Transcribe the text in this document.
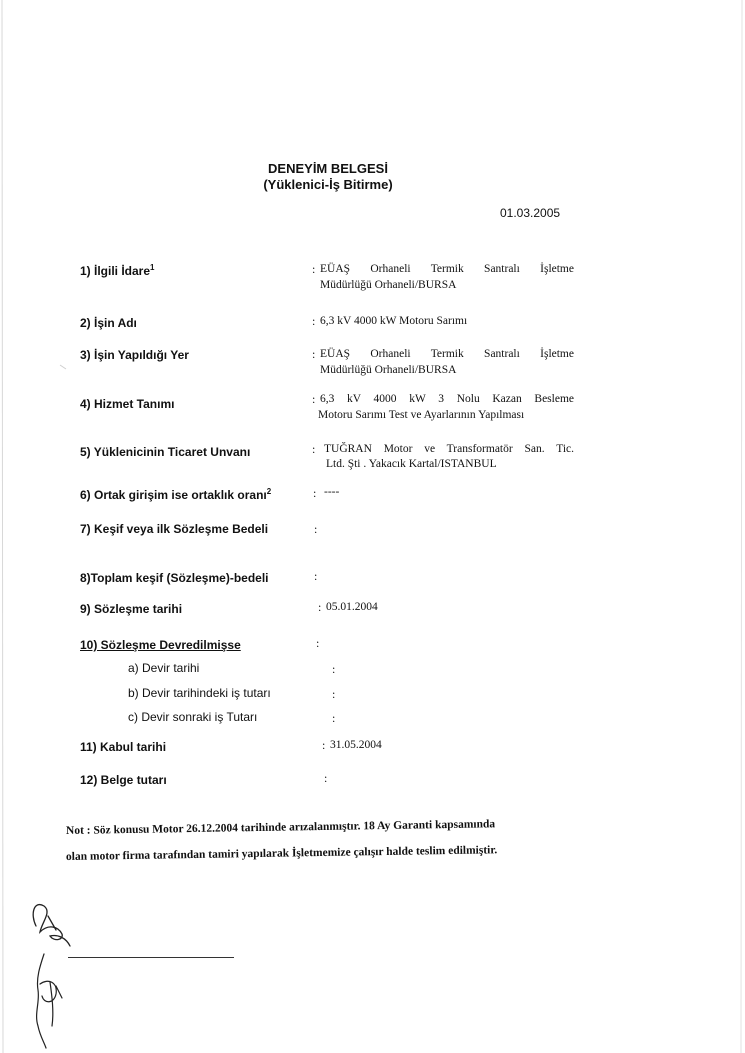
DENEYİM BELGESİ
(Yüklenici-İş Bitirme)
01.03.2005
1) İlgili İdare$^1$	: EÜAŞ Orhaneli Termik Santralı İşletme
Müdürlüğü Orhaneli/BURSA
2) İşin Adı	: 6,3 kV 4000 kW Motoru Sarımı
3) İşin Yapıldığı Yer	: EÜAŞ Orhaneli Termik Santralı İşletme
Müdürlüğü Orhaneli/BURSA
4) Hizmet Tanımı	: 6,3 kV 4000 kW 3 Nolu Kazan Besleme
Motoru Sarımı Test ve Ayarlarının Yapılması
5) Yüklenicinin Ticaret Unvanı	: TUĞRAN Motor ve Transformatör San. Tic.
Ltd. Şti . Yakacık Kartal/ISTANBUL
6) Ortak girişim ise ortaklık oranı$^2$	: ----
7) Keşif veya ilk Sözleşme Bedeli	:
8)Toplam keşif (Sözleşme)-bedeli	:
9) Sözleşme tarihi	: 05.01.2004
10) Sözleşme Devredilmişse	:
a) Devir tarihi	:
b) Devir tarihindeki iş tutarı	:
c) Devir sonraki iş Tutarı	:
11) Kabul tarihi	: 31.05.2004
12) Belge tutarı	:
Not : Söz konusu Motor 26.12.2004 tarihinde arızalanmıştır. 18 Ay Garanti kapsamında
olan motor firma tarafından tamiri yapılarak İşletmemize çalışır halde teslim edilmiştir.
